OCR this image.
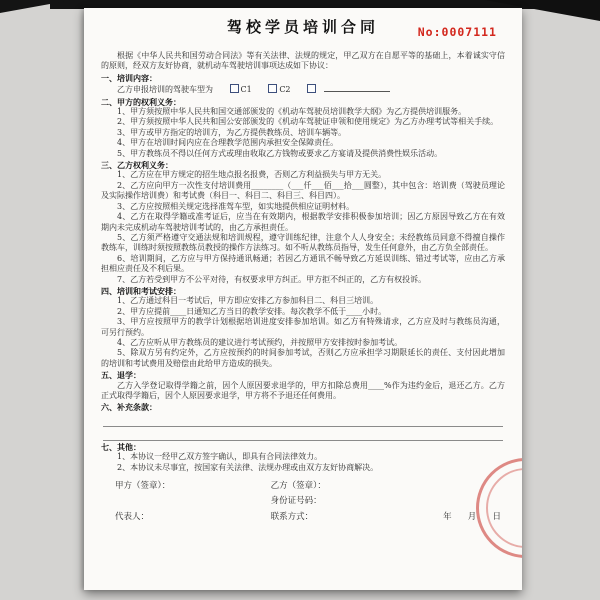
驾校学员培训合同	No:0007111

根据《中华人民共和国劳动合同法》等有关法律、法规的规定，甲乙双方在自愿平等的基础上，本着诚实守信的原则，经双方友好协商，就机动车驾驶培训事项达成如下协议：

一、培训内容：

乙方申报培训的驾驶车型为	C1	C2

二、甲方的权利义务：

1、甲方须按照中华人民共和国交通部颁发的《机动车驾驶员培训教学大纲》为乙方提供培训服务。

2、甲方须按照中华人民共和国公安部颁发的《机动车驾驶证申领和使用规定》为乙方办理考试等相关手续。

3、甲方或甲方指定的培训方，为乙方提供教练员、培训车辆等。

4、甲方在培训时间内应在合理教学范围内承担安全保障责任。

5、甲方教练员不得以任何方式或理由收取乙方钱物或要求乙方宴请及提供消费性娱乐活动。

三、乙方权利义务：

1、乙方应在甲方规定的招生地点报名报费，否则乙方利益损失与甲方无关。

2、乙方应向甲方一次性支付培训费用________（___仟___佰___拾___圆整），其中包含：培训费（驾驶员理论及实际操作培训费）和考试费（科目一、科目二、科目三、科目四）。

3、乙方应按照相关规定选择准驾车型，如实地提供相应证明材料。

4、乙方在取得学籍或准考证后，应当在有效期内，根据教学安排积极参加培训；因乙方原因导致乙方在有效期内未完成机动车驾驶培训考试的，由乙方承担责任。

5、乙方须严格遵守交通法规和培训规程，遵守训练纪律，注意个人人身安全；未经教练员同意不得擅自操作教练车，训练时须按照教练员教授的操作方法练习。如不听从教练员指导，发生任何意外，由乙方负全部责任。

6、培训期间，乙方应与甲方保持通讯畅通；若因乙方通讯不畅导致乙方延误训练、错过考试等，应由乙方承担相应责任及不利后果。

7、乙方若受到甲方不公平对待，有权要求甲方纠正。甲方拒不纠正的，乙方有权投诉。

四、培训和考试安排：

1、乙方通过科目一考试后，甲方即应安排乙方参加科目二、科目三培训。

2、甲方应提前____日通知乙方当日的教学安排。每次教学不低于____小时。

3、甲方应按照甲方的教学计划根据培训进度安排参加培训。如乙方有特殊请求，乙方应及时与教练员沟通，可另行预约。

4、乙方应听从甲方教练员的建议进行考试预约，并按照甲方安排按时参加考试。

5、除双方另有约定外，乙方应按预约的时间参加考试，否则乙方应承担学习期限延长的责任、支付因此增加的培训和考试费用及赔偿由此给甲方造成的损失。

五、退学：

乙方入学登记取得学籍之前，因个人原因要求退学的，甲方扣除总费用____%作为违约金后，退还乙方。乙方正式取得学籍后，因个人原因要求退学，甲方将不予退还任何费用。

六、补充条款：

七、其他：

1、本协议一经甲乙双方签字确认，即具有合同法律效力。

2、本协议未尽事宜，按国家有关法律、法规办理或由双方友好协商解决。

甲方（签章）：	乙方（签章）：
身份证号码：
代表人：	联系方式：	年      月      日
